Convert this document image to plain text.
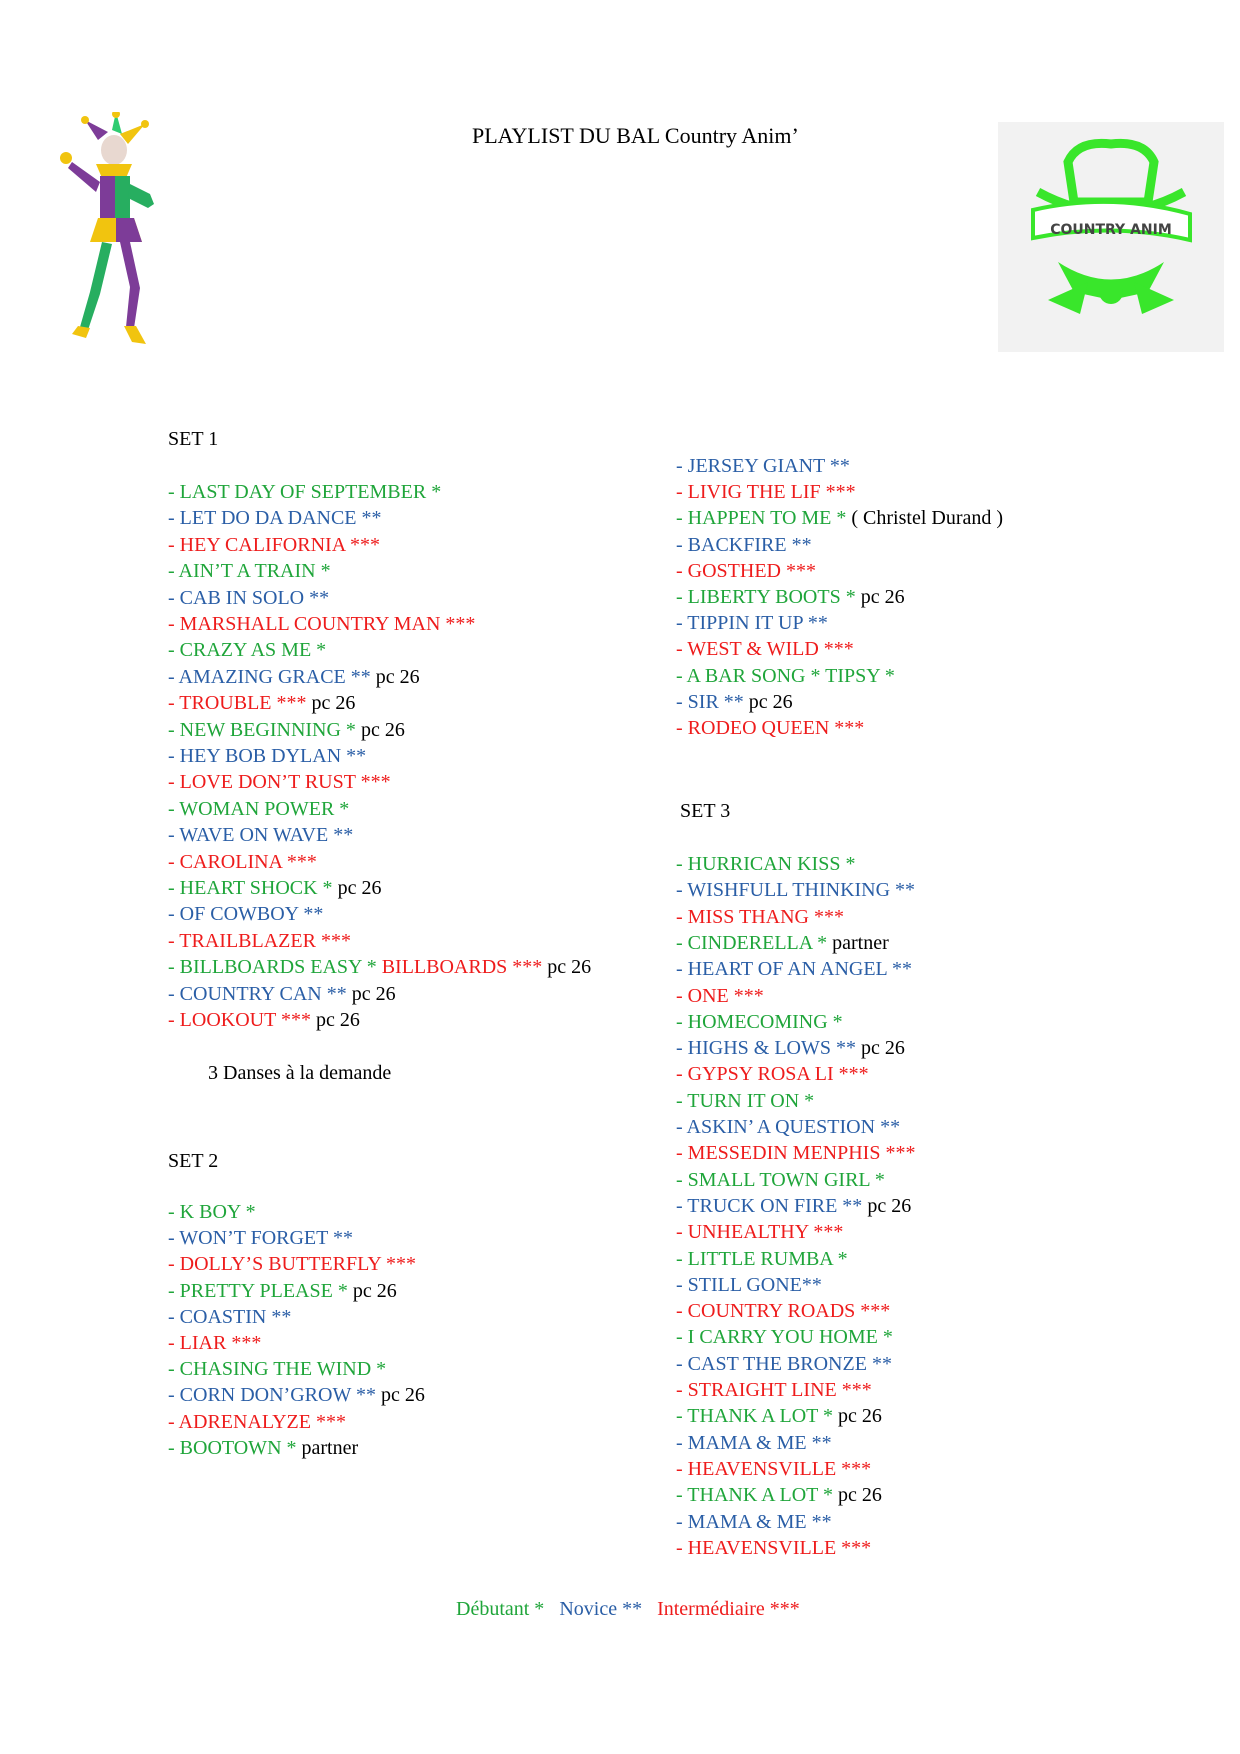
PLAYLIST DU BAL Country Anim’
COUNTRY ANIM
SET 1
- LAST DAY OF SEPTEMBER *
- LET DO DA DANCE **
- HEY CALIFORNIA ***
- AIN’T A TRAIN *
- CAB IN SOLO **
- MARSHALL COUNTRY MAN ***
- CRAZY AS ME *
- AMAZING GRACE ** pc 26
- TROUBLE *** pc 26
- NEW BEGINNING * pc 26
- HEY BOB DYLAN **
- LOVE DON’T RUST ***
- WOMAN POWER *
- WAVE ON WAVE **
- CAROLINA ***
- HEART SHOCK * pc 26
- OF COWBOY **
- TRAILBLAZER ***
- BILLBOARDS EASY * BILLBOARDS *** pc 26
- COUNTRY CAN ** pc 26
- LOOKOUT *** pc 26
3 Danses à la demande
SET 2
- K BOY *
- WON’T FORGET **
- DOLLY’S BUTTERFLY ***
- PRETTY PLEASE * pc 26
- COASTIN **
- LIAR ***
- CHASING THE WIND *
- CORN DON’GROW ** pc 26
- ADRENALYZE ***
- BOOTOWN * partner
- JERSEY GIANT **
- LIVIG THE LIF ***
- HAPPEN TO ME * ( Christel Durand )
- BACKFIRE **
- GOSTHED ***
- LIBERTY BOOTS * pc 26
- TIPPIN IT UP **
- WEST & WILD ***
- A BAR SONG * TIPSY *
- SIR ** pc 26
- RODEO QUEEN ***
SET 3
- HURRICAN KISS *
- WISHFULL THINKING **
- MISS THANG ***
- CINDERELLA * partner
- HEART OF AN ANGEL **
- ONE ***
- HOMECOMING *
- HIGHS & LOWS ** pc 26
- GYPSY ROSA LI ***
- TURN IT ON *
- ASKIN’ A QUESTION **
- MESSEDIN MENPHIS ***
- SMALL TOWN GIRL *
- TRUCK ON FIRE ** pc 26
- UNHEALTHY ***
- LITTLE RUMBA *
- STILL GONE**
- COUNTRY ROADS ***
- I CARRY YOU HOME *
- CAST THE BRONZE **
- STRAIGHT LINE ***
- THANK A LOT * pc 26
- MAMA & ME **
- HEAVENSVILLE ***
- THANK A LOT * pc 26
- MAMA & ME **
- HEAVENSVILLE ***
Débutant * Novice ** Intermédiaire ***
